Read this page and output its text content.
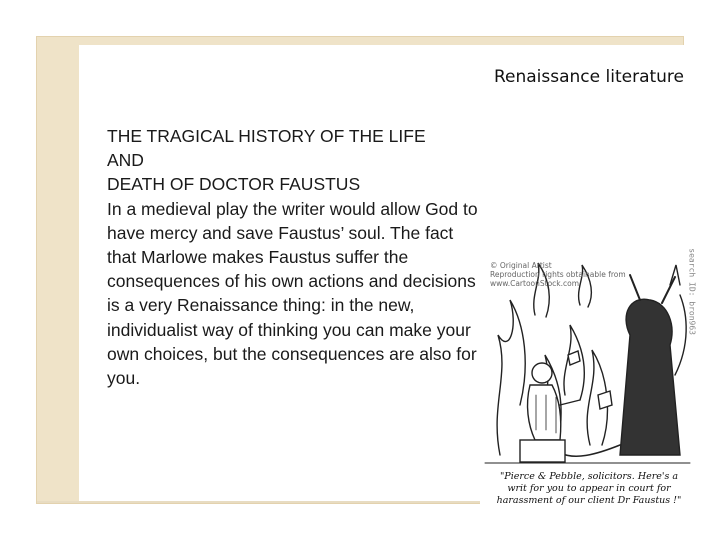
Renaissance literature
THE TRAGICAL HISTORY OF THE LIFE
AND
DEATH OF DOCTOR FAUSTUS
In a medieval play the writer would allow God to have mercy and save Faustus’ soul. The fact that Marlowe makes Faustus suffer the consequences of his own actions and decisions is a very Renaissance thing: in the new, individualist way of thinking you can make your own choices, but the consequences are also for you.
© Original Artist
Reproduction rights obtainable from
www.CartoonStock.com	search ID: bron963
"Pierce & Pebble, solicitors. Here's a writ for you to appear in court for harassment of our client Dr Faustus !"
